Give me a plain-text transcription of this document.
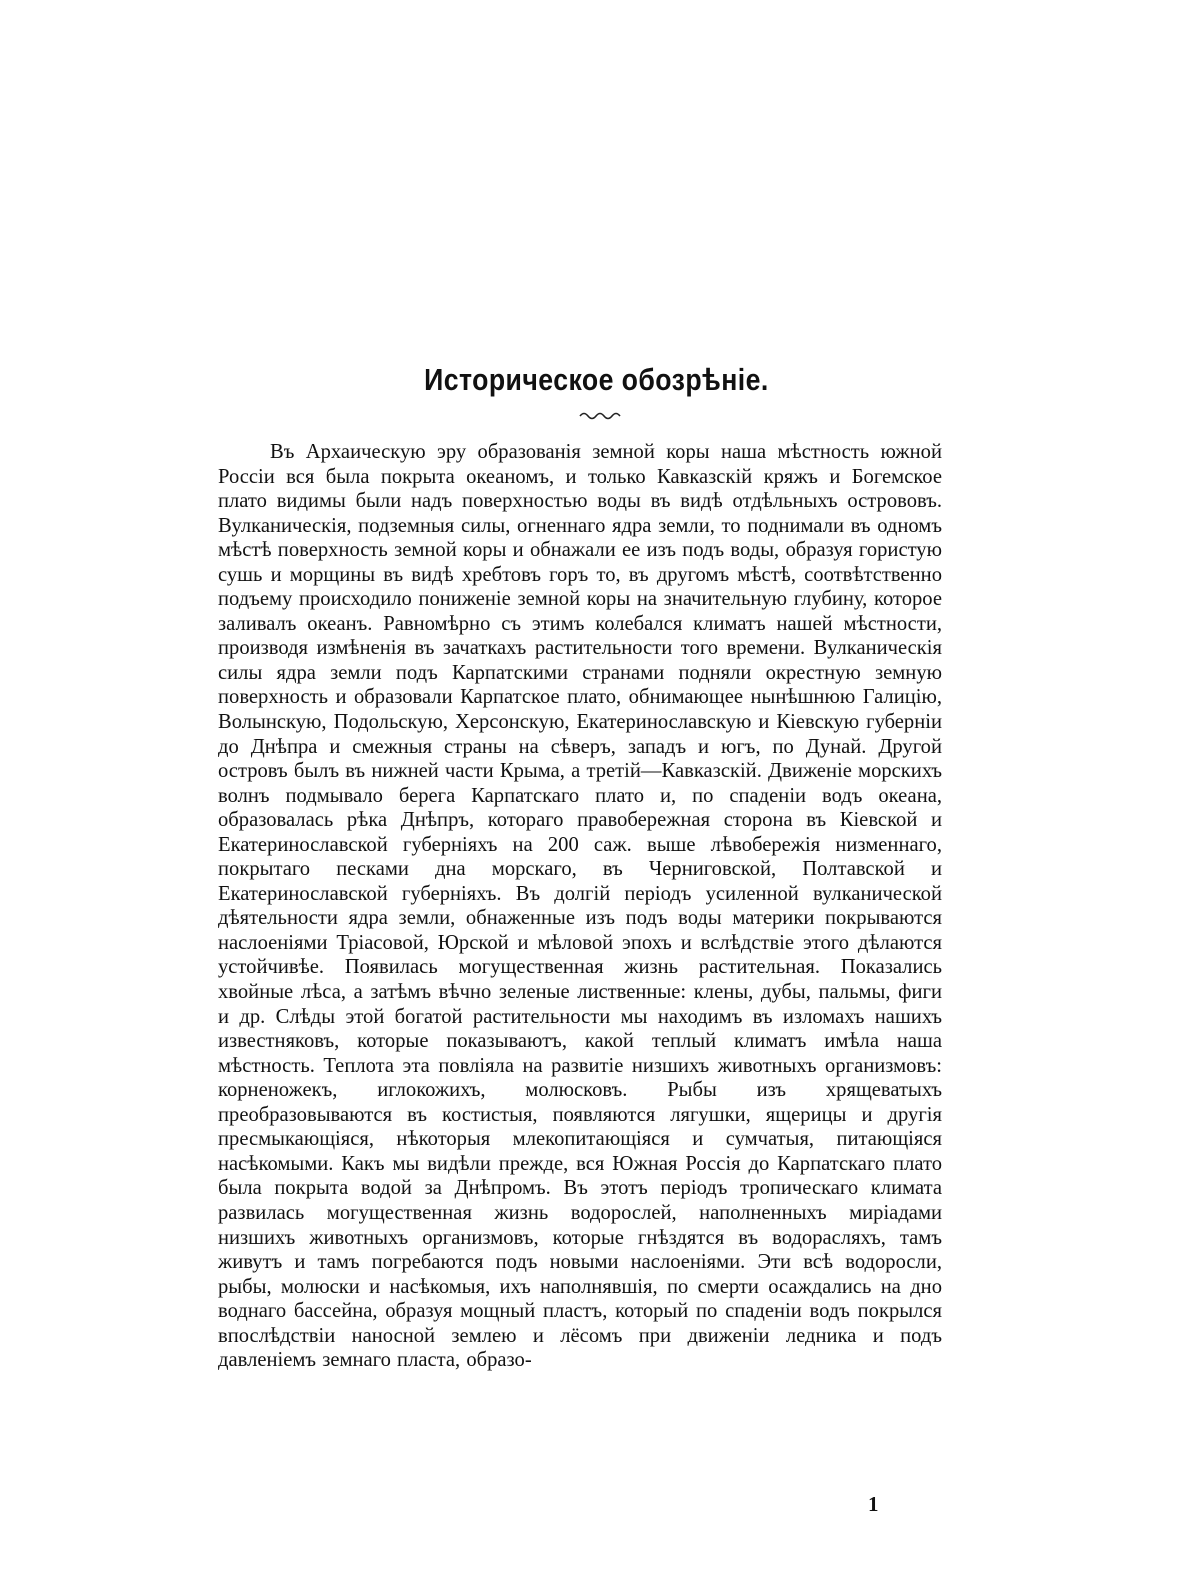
Историческое обозрѣніе.

Въ Архаическую эру образованія земной коры наша мѣстность южной Россіи вся была покрыта океаномъ, и только Кавказскій кряжъ и Богемское плато видимы были надъ поверхностью воды въ видѣ отдѣльныхъ острововъ. Вулканическія, подземныя силы, огненнаго ядра земли, то поднимали въ одномъ мѣстѣ поверхность земной коры и обнажали ее изъ подъ воды, образуя гористую сушь и морщины въ видѣ хребтовъ горъ то, въ другомъ мѣстѣ, соотвѣтственно подъему происходило пониженіе земной коры на значительную глубину, которое заливалъ океанъ. Равномѣрно съ этимъ колебался климатъ нашей мѣстности, производя измѣненія въ зачаткахъ растительности того времени. Вулканическія силы ядра земли подъ Карпатскими странами подняли окрестную земную поверхность и образовали Карпатское плато, обнимающее нынѣшнюю Галицію, Волынскую, Подольскую, Херсонскую, Екатеринославскую и Кіевскую губерніи до Днѣпра и смежныя страны на сѣверъ, западъ и югъ, по Дунай. Другой островъ былъ въ нижней части Крыма, а третій—Кавказскій. Движеніе морскихъ волнъ подмывало берега Карпатскаго плато и, по спаденіи водъ океана, образовалась рѣка Днѣпръ, котораго правобережная сторона въ Кіевской и Екатеринославской губерніяхъ на 200 саж. выше лѣвобережія низменнаго, покрытаго песками дна морскаго, въ Черниговской, Полтавской и Екатеринославской губерніяхъ. Въ долгій періодъ усиленной вулканической дѣятельности ядра земли, обнаженные изъ подъ воды материки покрываются наслоеніями Тріасовой, Юрской и мѣловой эпохъ и вслѣдствіе этого дѣлаются устойчивѣе. Появилась могущественная жизнь растительная. Показались хвойные лѣса, а затѣмъ вѣчно зеленые лиственные: клены, дубы, пальмы, фиги и др. Слѣды этой богатой растительности мы находимъ въ изломахъ нашихъ известняковъ, которые показываютъ, какой теплый климатъ имѣла наша мѣстность. Теплота эта повліяла на развитіе низшихъ животныхъ организмовъ: корненожекъ, иглокожихъ, молюсковъ. Рыбы изъ хрящеватыхъ преобразовываются въ костистыя, появляются лягушки, ящерицы и другія пресмыкающіяся, нѣкоторыя млекопитающіяся и сумчатыя, питающіяся насѣкомыми. Какъ мы видѣли прежде, вся Южная Россія до Карпатскаго плато была покрыта водой за Днѣпромъ. Въ этотъ періодъ тропическаго климата развилась могущественная жизнь водорослей, наполненныхъ миріадами низшихъ животныхъ организмовъ, которые гнѣздятся въ водорасляхъ, тамъ живутъ и тамъ погребаются подъ новыми наслоеніями. Эти всѣ водоросли, рыбы, молюски и насѣкомыя, ихъ наполнявшія, по смерти осаждались на дно воднаго бассейна, образуя мощный пластъ, который по спаденіи водъ покрылся впослѣдствіи наносной землею и лёсомъ при движеніи ледника и подъ давленіемъ земнаго пласта, образо-

1
